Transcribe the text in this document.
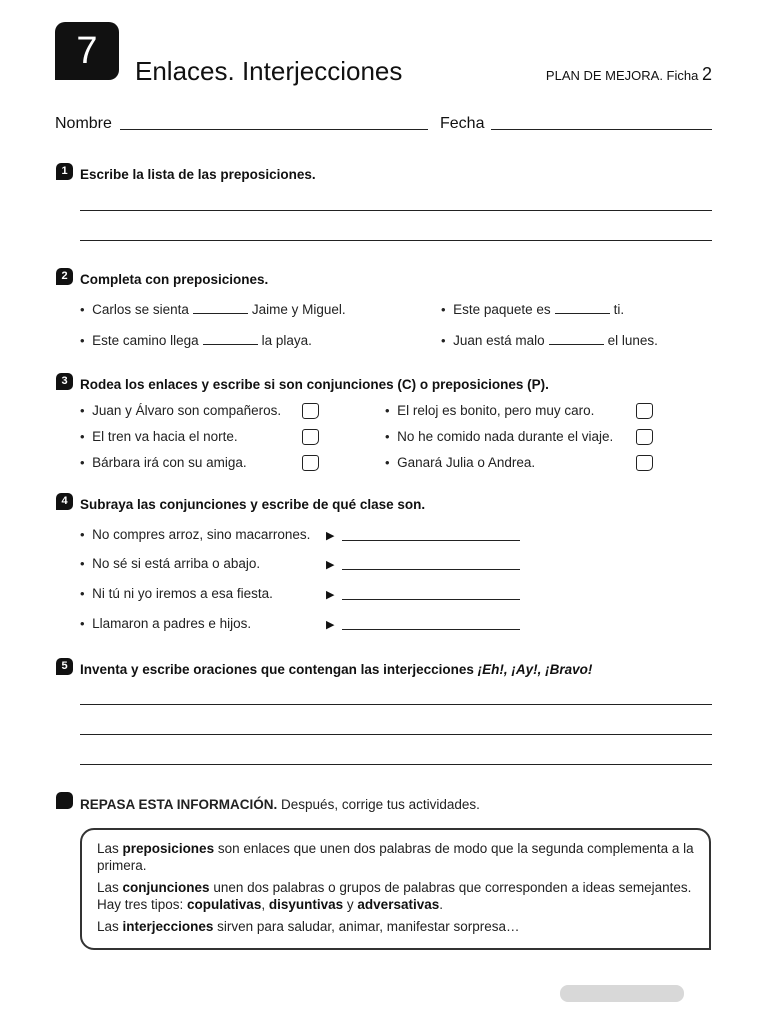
7	Enlaces. Interjecciones	PLAN DE MEJORA. Ficha 2
Nombre	Fecha
1 Escribe la lista de las preposiciones.
2 Completa con preposiciones.
• Carlos se sienta	Jaime y Miguel.	• Este paquete es	ti.
• Este camino llega	la playa.	• Juan está malo	el lunes.
3 Rodea los enlaces y escribe si son conjunciones (C) o preposiciones (P).
• Juan y Álvaro son compañeros.	• El reloj es bonito, pero muy caro.
• El tren va hacia el norte.	• No he comido nada durante el viaje.
• Bárbara irá con su amiga.	• Ganará Julia o Andrea.
4 Subraya las conjunciones y escribe de qué clase son.
• No compres arroz, sino macarrones. ▶
• No sé si está arriba o abajo.	▶
• Ni tú ni yo iremos a esa fiesta.	▶
• Llamaron a padres e hijos.	▶
5 Inventa y escribe oraciones que contengan las interjecciones ¡Eh!, ¡Ay!, ¡Bravo!
REPASA ESTA INFORMACIÓN. Después, corrige tus actividades.

Las preposiciones son enlaces que unen dos palabras de modo que la segunda complementa a la primera.

Las conjunciones unen dos palabras o grupos de palabras que corresponden a ideas semejantes. Hay tres tipos: copulativas, disyuntivas y adversativas.

Las interjecciones sirven para saludar, animar, manifestar sorpresa…
